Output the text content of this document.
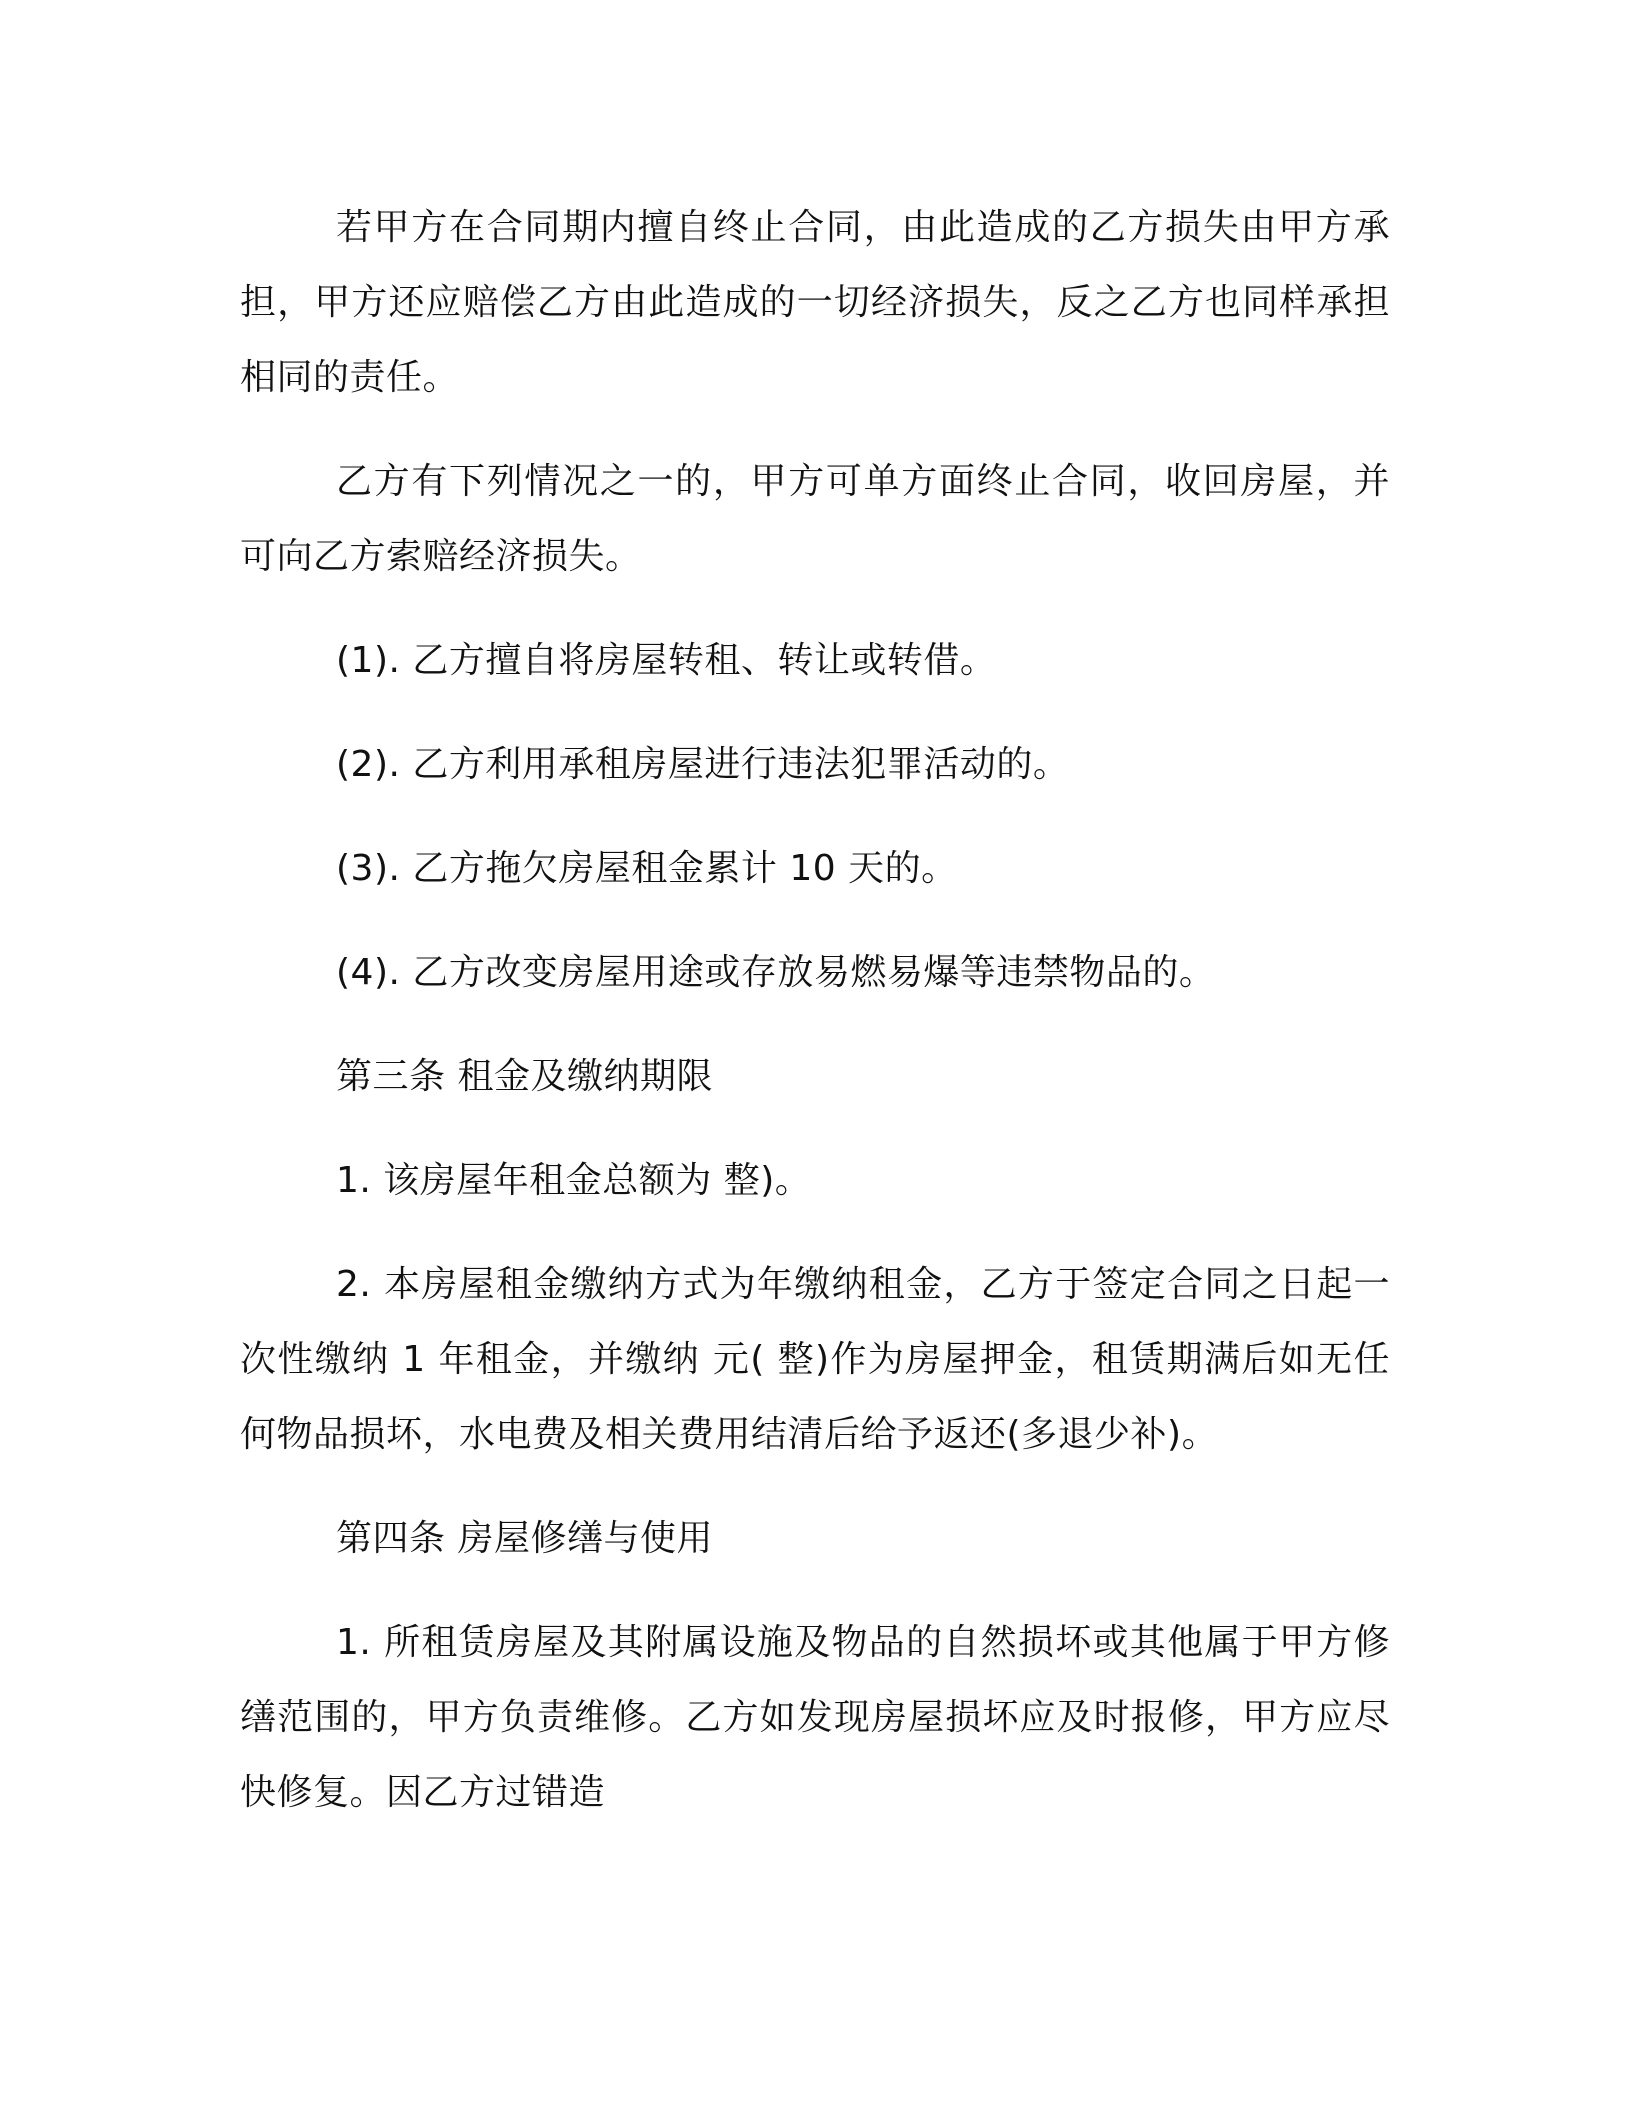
若甲方在合同期内擅自终止合同，由此造成的乙方损失由甲方承担，甲方还应赔偿乙方由此造成的一切经济损失，反之乙方也同样承担相同的责任。

乙方有下列情况之一的，甲方可单方面终止合同，收回房屋，并可向乙方索赔经济损失。

(1). 乙方擅自将房屋转租、转让或转借。

(2). 乙方利用承租房屋进行违法犯罪活动的。

(3). 乙方拖欠房屋租金累计 10 天的。

(4). 乙方改变房屋用途或存放易燃易爆等违禁物品的。

第三条 租金及缴纳期限

1. 该房屋年租金总额为 整)。

2. 本房屋租金缴纳方式为年缴纳租金，乙方于签定合同之日起一次性缴纳 1 年租金，并缴纳 元( 整)作为房屋押金，租赁期满后如无任何物品损坏，水电费及相关费用结清后给予返还(多退少补)。

第四条 房屋修缮与使用

1. 所租赁房屋及其附属设施及物品的自然损坏或其他属于甲方修缮范围的，甲方负责维修。乙方如发现房屋损坏应及时报修，甲方应尽快修复。因乙方过错造
